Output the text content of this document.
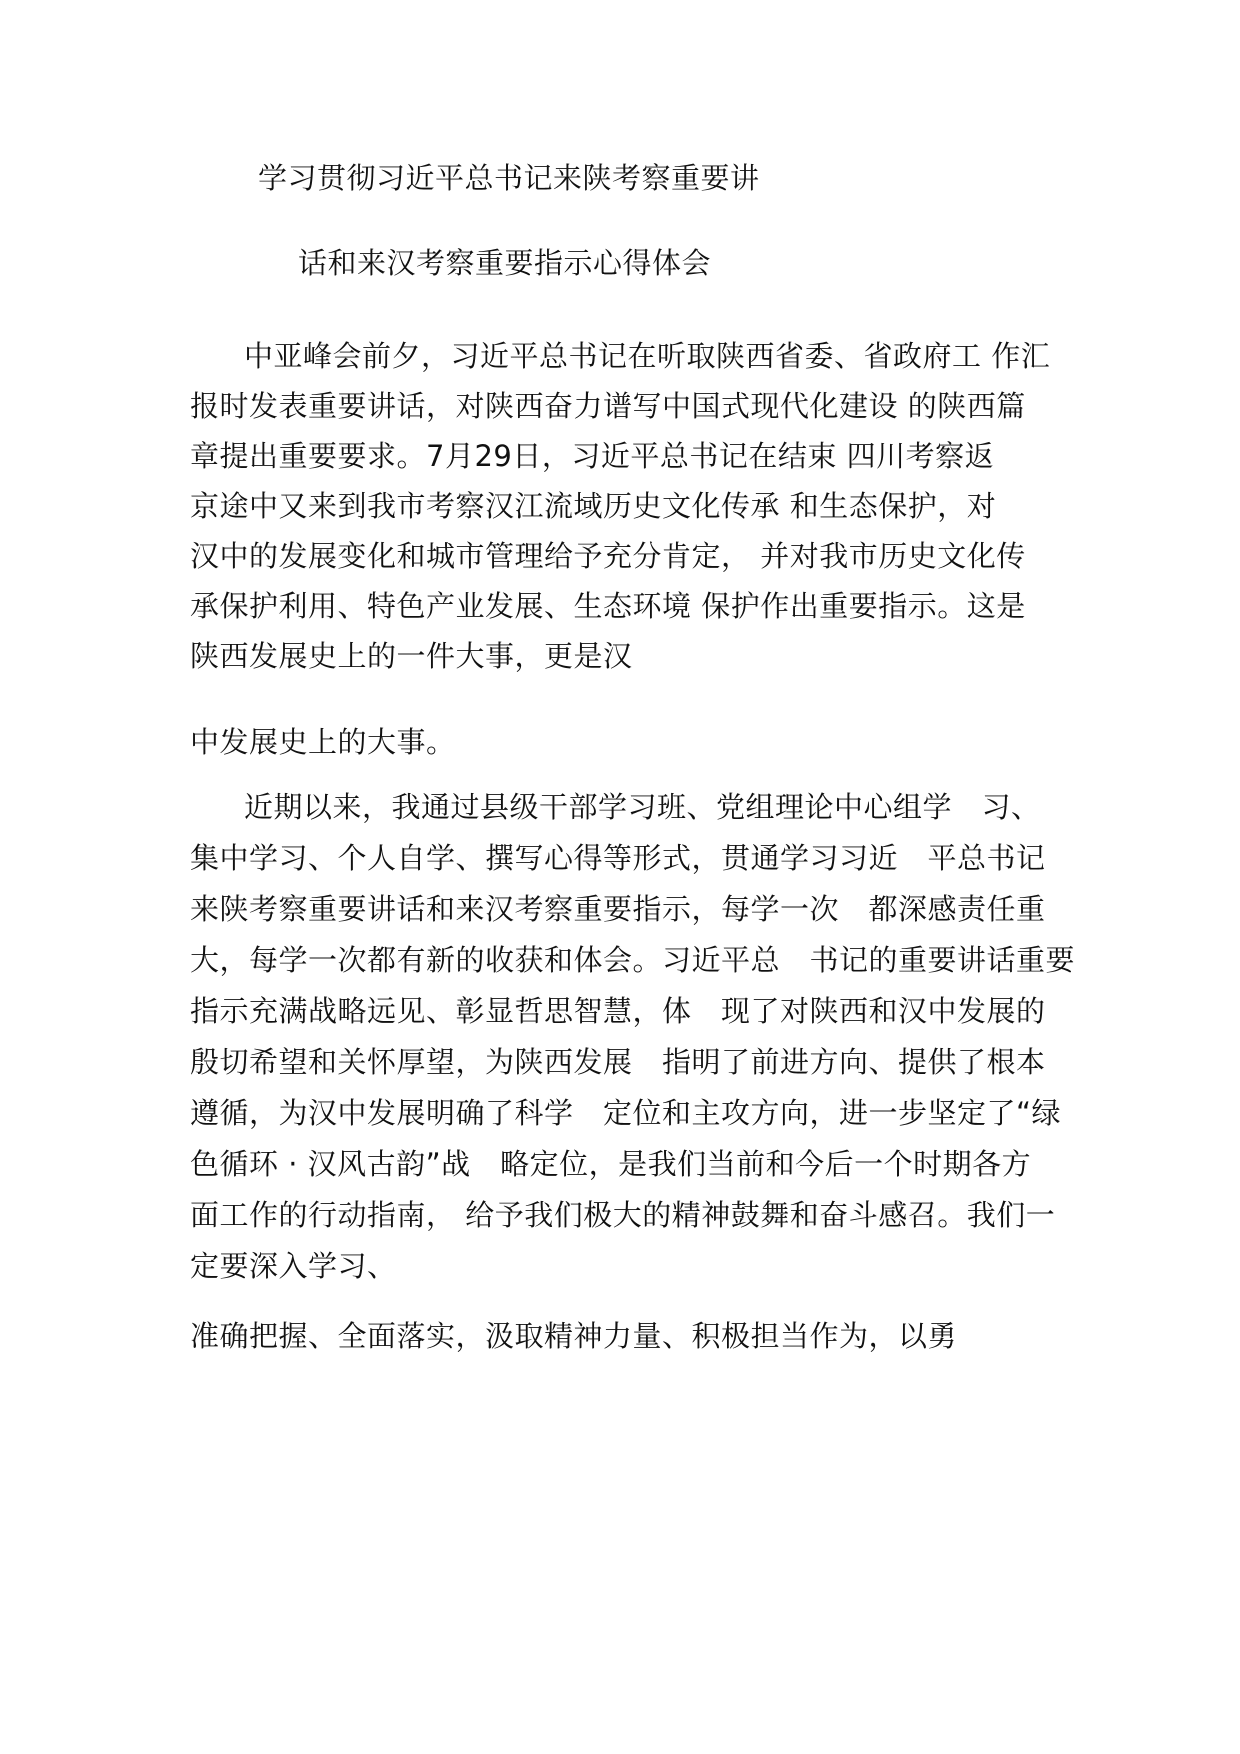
学习贯彻习近平总书记来陕考察重要讲
话和来汉考察重要指示心得体会
中亚峰会前夕，习近平总书记在听取陕西省委、省政府工 作汇
报时发表重要讲话，对陕西奋力谱写中国式现代化建设 的陕西篇
章提出重要要求。7月29日，习近平总书记在结束 四川考察返
京途中又来到我市考察汉江流域历史文化传承 和生态保护，对
汉中的发展变化和城市管理给予充分肯定， 并对我市历史文化传
承保护利用、特色产业发展、生态环境 保护作出重要指示。这是
陕西发展史上的一件大事，更是汉
中发展史上的大事。
近期以来，我通过县级干部学习班、党组理论中心组学　习、
集中学习、个人自学、撰写心得等形式，贯通学习习近　平总书记
来陕考察重要讲话和来汉考察重要指示，每学一次　都深感责任重
大，每学一次都有新的收获和体会。习近平总　书记的重要讲话重要
指示充满战略远见、彰显哲思智慧，体　现了对陕西和汉中发展的
殷切希望和关怀厚望，为陕西发展　指明了前进方向、提供了根本
遵循，为汉中发展明确了科学　定位和主攻方向，进一步坚定了“绿
色循环 · 汉风古韵”战　略定位，是我们当前和今后一个时期各方
面工作的行动指南， 给予我们极大的精神鼓舞和奋斗感召。我们一
定要深入学习、
准确把握、全面落实，汲取精神力量、积极担当作为，以勇
